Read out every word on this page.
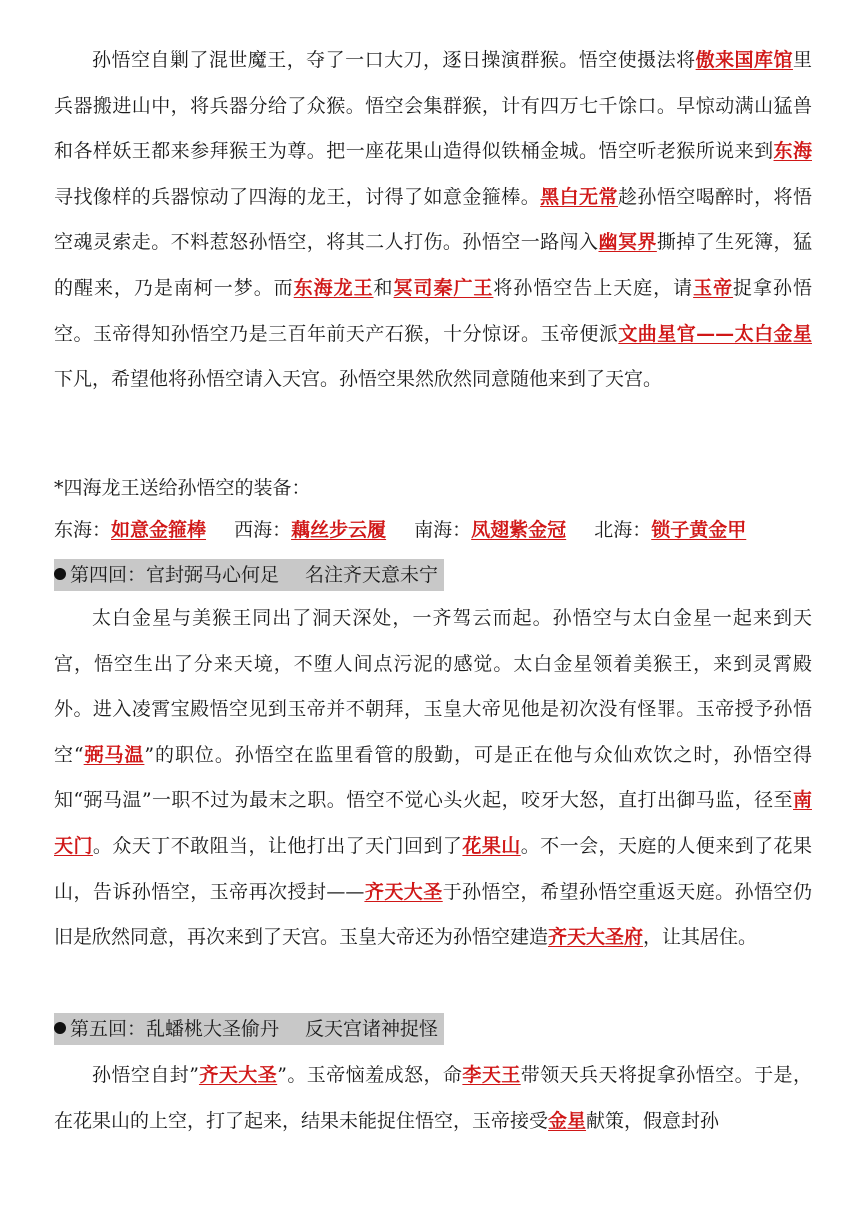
孙悟空自剿了混世魔王，夺了一口大刀，逐日操演群猴。悟空使摄法将傲来国库馆里兵器搬进山中，将兵器分给了众猴。悟空会集群猴，计有四万七千馀口。早惊动满山猛兽和各样妖王都来参拜猴王为尊。把一座花果山造得似铁桶金城。悟空听老猴所说来到东海寻找像样的兵器惊动了四海的龙王，讨得了如意金箍棒。黑白无常趁孙悟空喝醉时，将悟空魂灵索走。不料惹怒孙悟空，将其二人打伤。孙悟空一路闯入幽冥界撕掉了生死簿，猛的醒来，乃是南柯一梦。而东海龙王和冥司秦广王将孙悟空告上天庭，请玉帝捉拿孙悟空。玉帝得知孙悟空乃是三百年前天产石猴，十分惊讶。玉帝便派文曲星官——太白金星下凡，希望他将孙悟空请入天宫。孙悟空果然欣然同意随他来到了天宫。

*四海龙王送给孙悟空的装备：

东海：如意金箍棒 西海：藕丝步云履 南海：凤翅紫金冠 北海：锁子黄金甲

第四回：官封弼马心何足 名注齐天意未宁

太白金星与美猴王同出了洞天深处，一齐驾云而起。孙悟空与太白金星一起来到天宫，悟空生出了分来天境，不堕人间点污泥的感觉。太白金星领着美猴王，来到灵霄殿外。进入凌霄宝殿悟空见到玉帝并不朝拜，玉皇大帝见他是初次没有怪罪。玉帝授予孙悟空“弼马温”的职位。孙悟空在监里看管的殷勤，可是正在他与众仙欢饮之时，孙悟空得知“弼马温”一职不过为最末之职。悟空不觉心头火起，咬牙大怒，直打出御马监，径至南天门。众天丁不敢阻当，让他打出了天门回到了花果山。不一会，天庭的人便来到了花果山，告诉孙悟空，玉帝再次授封——齐天大圣于孙悟空，希望孙悟空重返天庭。孙悟空仍旧是欣然同意，再次来到了天宫。玉皇大帝还为孙悟空建造齐天大圣府，让其居住。

第五回：乱蟠桃大圣偷丹 反天宫诸神捉怪

孙悟空自封”齐天大圣”。玉帝恼羞成怒，命李天王带领天兵天将捉拿孙悟空。于是，在花果山的上空，打了起来，结果未能捉住悟空，玉帝接受金星献策，假意封孙
